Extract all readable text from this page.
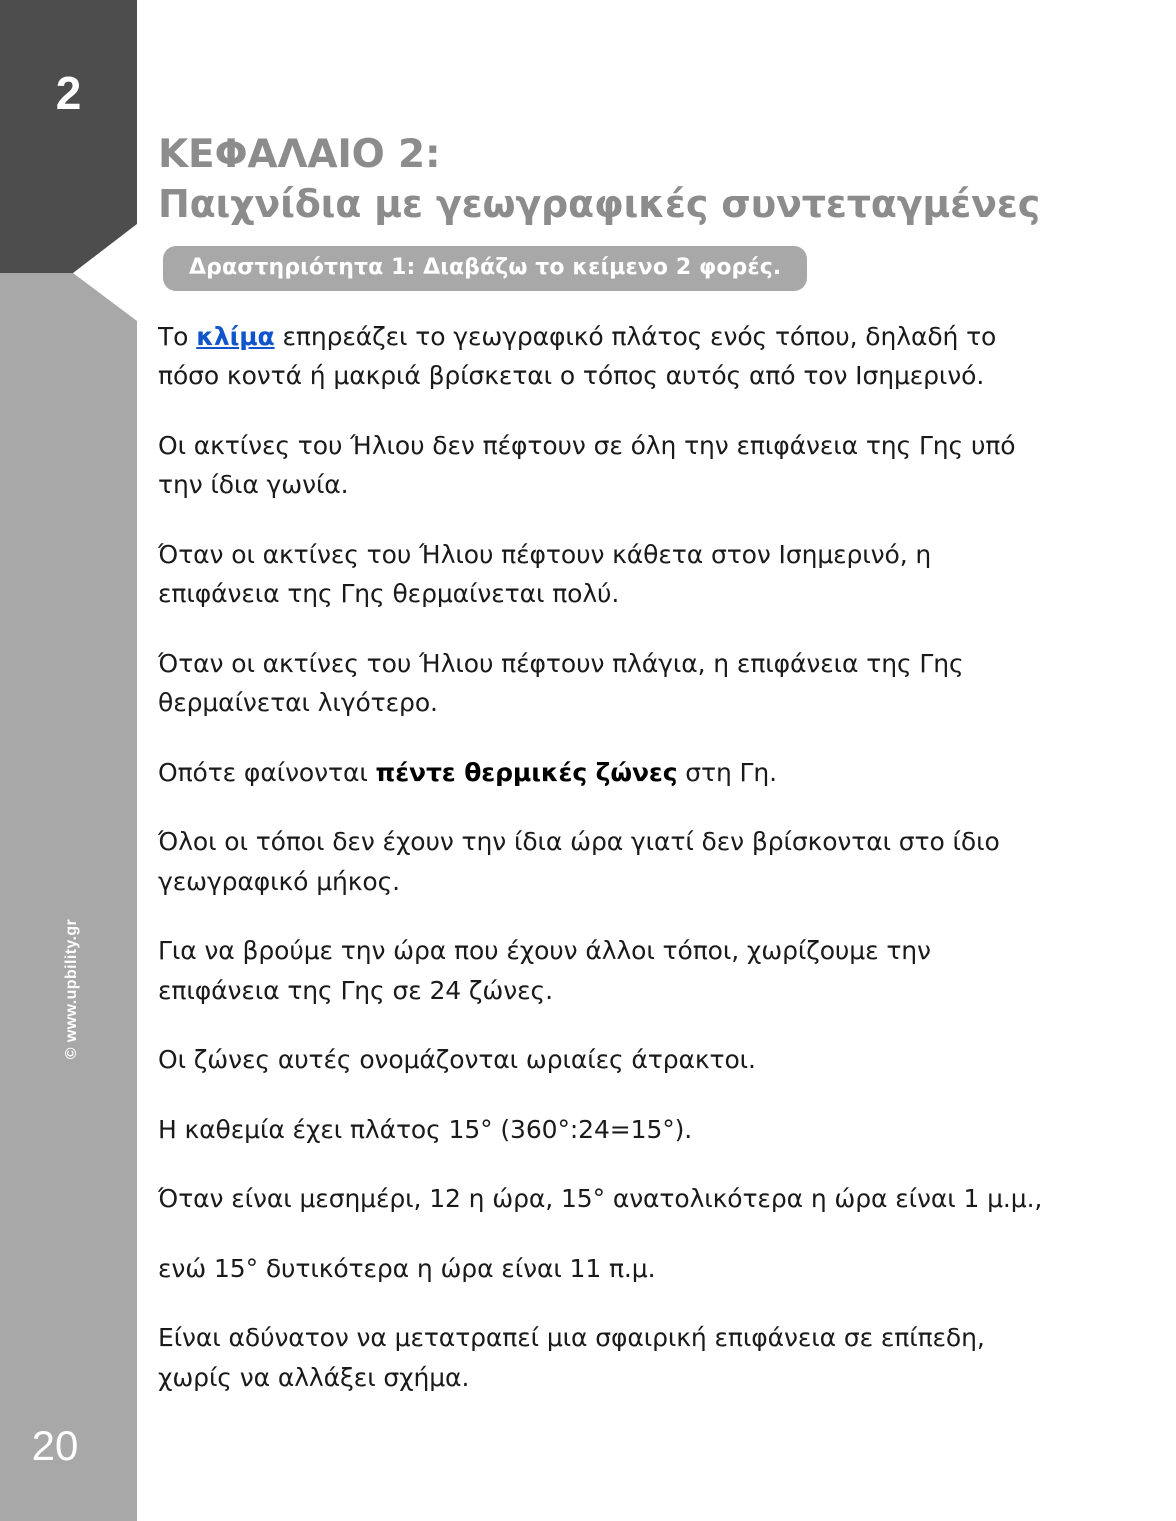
2
© www.upbility.gr
20
ΚΕΦΑΛΑΙΟ 2:
Παιχνίδια με γεωγραφικές συντεταγμένες
Δραστηριότητα 1: Διαβάζω το κείμενο 2 φορές.

Το κλίμα επηρεάζει το γεωγραφικό πλάτος ενός τόπου, δηλαδή το πόσο κοντά ή μακριά βρίσκεται ο τόπος αυτός από τον Ισημερινό.

Οι ακτίνες του Ήλιου δεν πέφτουν σε όλη την επιφάνεια της Γης υπό την ίδια γωνία.

Όταν οι ακτίνες του Ήλιου πέφτουν κάθετα στον Ισημερινό, η επιφάνεια της Γης θερμαίνεται πολύ.

Όταν οι ακτίνες του Ήλιου πέφτουν πλάγια, η επιφάνεια της Γης θερμαίνεται λιγότερο.

Οπότε φαίνονται πέντε θερμικές ζώνες στη Γη.

Όλοι οι τόποι δεν έχουν την ίδια ώρα γιατί δεν βρίσκονται στο ίδιο γεωγραφικό μήκος.

Για να βρούμε την ώρα που έχουν άλλοι τόποι, χωρίζουμε την επιφάνεια της Γης σε 24 ζώνες.

Οι ζώνες αυτές ονομάζονται ωριαίες άτρακτοι.

Η καθεμία έχει πλάτος 15° (360°:24=15°).

Όταν είναι μεσημέρι, 12 η ώρα, 15° ανατολικότερα η ώρα είναι 1 μ.μ.,

ενώ 15° δυτικότερα η ώρα είναι 11 π.μ.

Είναι αδύνατον να μετατραπεί μια σφαιρική επιφάνεια σε επίπεδη, χωρίς να αλλάξει σχήμα.
